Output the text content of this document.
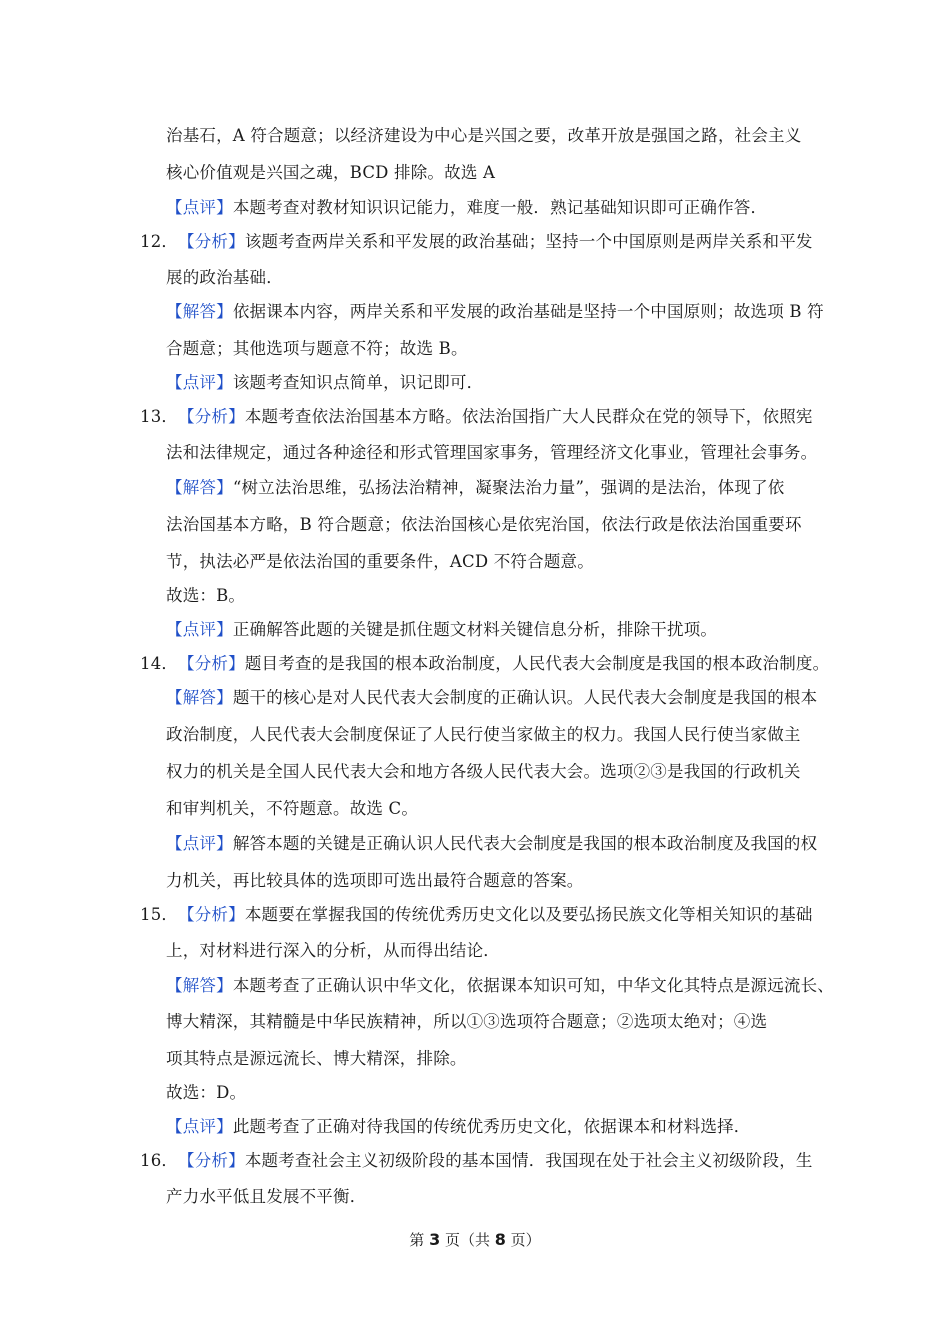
治基石，A 符合题意；以经济建设为中心是兴国之要，改革开放是强国之路，社会主义
核心价值观是兴国之魂，BCD 排除。故选 A
【点评】本题考查对教材知识识记能力，难度一般．熟记基础知识即可正确作答．
12．【分析】该题考查两岸关系和平发展的政治基础；坚持一个中国原则是两岸关系和平发
展的政治基础．
【解答】依据课本内容，两岸关系和平发展的政治基础是坚持一个中国原则；故选项 B 符
合题意；其他选项与题意不符；故选 B。
【点评】该题考查知识点简单，识记即可．
13．【分析】本题考查依法治国基本方略。依法治国指广大人民群众在党的领导下，依照宪
法和法律规定，通过各种途径和形式管理国家事务，管理经济文化事业，管理社会事务。
【解答】“树立法治思维，弘扬法治精神，凝聚法治力量”，强调的是法治，体现了依
法治国基本方略，B 符合题意；依法治国核心是依宪治国，依法行政是依法治国重要环
节，执法必严是依法治国的重要条件，ACD 不符合题意。
故选：B。
【点评】正确解答此题的关键是抓住题文材料关键信息分析，排除干扰项。
14．【分析】题目考查的是我国的根本政治制度，人民代表大会制度是我国的根本政治制度。
【解答】题干的核心是对人民代表大会制度的正确认识。人民代表大会制度是我国的根本
政治制度，人民代表大会制度保证了人民行使当家做主的权力。我国人民行使当家做主
权力的机关是全国人民代表大会和地方各级人民代表大会。选项②③是我国的行政机关
和审判机关，不符题意。故选 C。
【点评】解答本题的关键是正确认识人民代表大会制度是我国的根本政治制度及我国的权
力机关，再比较具体的选项即可选出最符合题意的答案。
15．【分析】本题要在掌握我国的传统优秀历史文化以及要弘扬民族文化等相关知识的基础
上，对材料进行深入的分析，从而得出结论．
【解答】本题考查了正确认识中华文化，依据课本知识可知，中华文化其特点是源远流长、
博大精深，其精髓是中华民族精神，所以①③选项符合题意；②选项太绝对；④选
项其特点是源远流长、博大精深，排除。
故选：D。
【点评】此题考查了正确对待我国的传统优秀历史文化，依据课本和材料选择．
16．【分析】本题考查社会主义初级阶段的基本国情．我国现在处于社会主义初级阶段，生
产力水平低且发展不平衡．
第 3 页（共 8 页）
